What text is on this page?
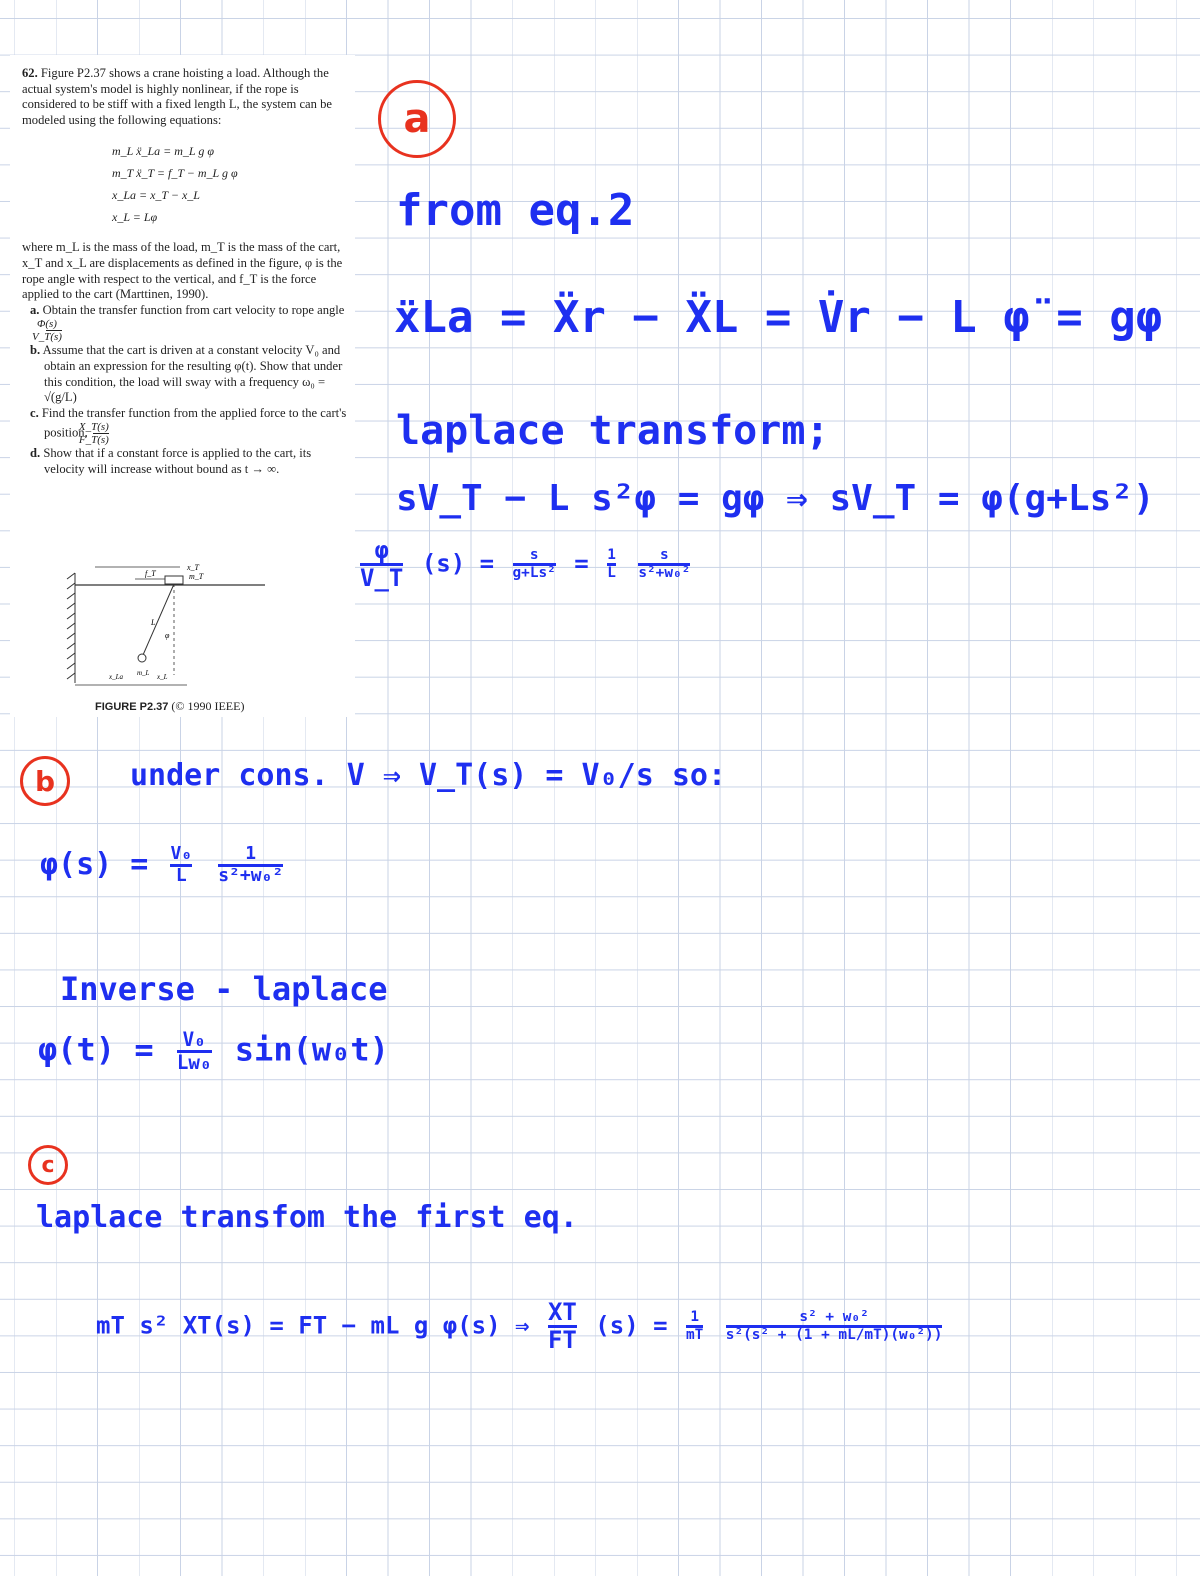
62. Figure P2.37 shows a crane hoisting a load. Although the actual system's model is highly nonlinear, if the rope is considered to be stiff with a fixed length L, the system can be modeled using the following equations:

m_L ẍ_La = m_L g φ
m_T ẍ_T = f_T − m_L g φ
x_La = x_T − x_L
x_L = Lφ

where m_L is the mass of the load, m_T is the mass of the cart, x_T and x_L are displacements as defined in the figure, φ is the rope angle with respect to the vertical, and f_T is the force applied to the cart (Marttinen, 1990).

a. Obtain the transfer function from cart velocity to rope angle
$\frac{\Phi(s)}{V\_T(s)}$

b. Assume that the cart is driven at a constant velocity V₀ and obtain an expression for the resulting φ(t). Show that under this condition, the load will sway with a frequency ω₀ = √(g/L)

c. Find the transfer function from the applied force to the cart's position, $\frac{X\_T(s)}{F\_T(s)}$

d. Show that if a constant force is applied to the cart, its velocity will increase without bound as t → ∞.

x_T
f_T	m_T
L
φ
x_La m_L x_L
FIGURE P2.37 (© 1990 IEEE)
a
from eq.2
ẍLa = Ẍr − ẌL = V̇r − L φ̈ = gφ
laplace transform;
sV_T − L s²φ = gφ ⇒ sV_T = φ(g+Ls²)
$\frac{\varphi}{V\_T} (s) = \frac{s}{\text{g+Ls²}} = \frac{1}{L}$
$\frac{s}{\text{s²+w₀²}}$
b under cons. V ⇒ V_T(s) = V₀/s so:
$\varphi(s) = \frac{\text{V₀}}{L}$
$\frac{1}{\text{s²+w₀²}}$
Inverse - laplace
$\varphi(t) = \frac{\text{V₀}}{\text{Lw₀}} \sin(w_0t)$
c
laplace transfom the first eq.
mT s² XT(s) = FT − mL g φ(s) ⇒ $\frac{XT}{FT} (s) = \frac{1}{mT}$
$\frac{\text{s² + w₀²}}{\text{s²(s² + (1 + mL/mT)(w₀²))}}$
